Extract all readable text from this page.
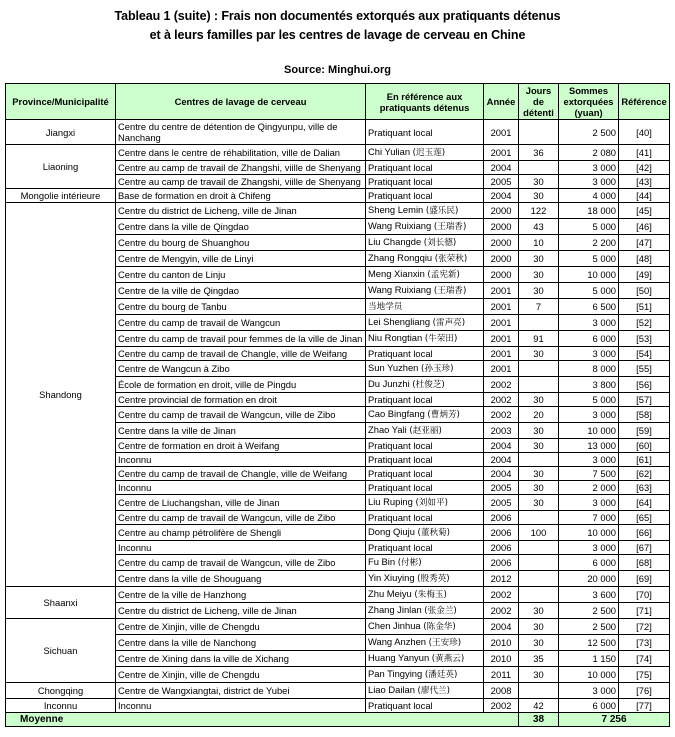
Tableau 1 (suite) : Frais non documentés extorqués aux pratiquants détenus
et à leurs familles par les centres de lavage de cerveau en Chine
Source: Minghui.org
Province/Municipalité	Centres de lavage de cerveau	En référence aux pratiquants détenus	Année	Jours de détenti	Sommes extorquées (yuan)	Référence
Jiangxi	Centre du centre de détention de Qingyunpu, ville de Nanchang	Pratiquant local	2001		2 500	[40]
Liaoning	Centre dans le centre de réhabilitation, ville de Dalian	Chi Yulian (迟玉莲)	2001	36	2 080	[41]
	Centre au camp de travail de Zhangshi, viille de Shenyang	Pratiquant local	2004		3 000	[42]
	Centre au camp de travail de Zhangshi, viille de Shenyang	Pratiquant local	2005	30	3 000	[43]
Mongolie intérieure	Base de formation en droit à Chifeng	Pratiquant local	2004	30	4 000	[44]
Shandong	Centre du district de Licheng, ville de Jinan	Sheng Lemin (盛乐民)	2000	122	18 000	[45]
	Centre dans la ville de Qingdao	Wang Ruixiang (王瑞香)	2000	43	5 000	[46]
	Centre du bourg de Shuanghou	Liu Changde (刘长德)	2000	10	2 200	[47]
	Centre de Mengyin, ville de Linyi	Zhang Rongqiu (张荣秋)	2000	30	5 000	[48]
	Centre du canton de Linju	Meng Xianxin (孟宪新)	2000	30	10 000	[49]
	Centre de la ville de Qingdao	Wang Ruixiang (王瑞香)	2001	30	5 000	[50]
	Centre du bourg de Tanbu	当地学员	2001	7	6 500	[51]
	Centre du camp de travail de Wangcun	Lei Shengliang (雷声亮)	2001		3 000	[52]
	Centre du camp de travail pour femmes de la ville de Jinan	Niu Rongtian (牛荣田)	2001	91	6 000	[53]
	Centre du camp de travail de Changle, ville de Weifang	Pratiquant local	2001	30	3 000	[54]
	Centre de Wangcun à Zibo	Sun Yuzhen (孙玉珍)	2001		8 000	[55]
	École de formation en droit, ville de Pingdu	Du Junzhi (杜俊芝)	2002		3 800	[56]
	Centre provincial de formation en droit	Pratiquant local	2002	30	5 000	[57]
	Centre du camp de travail de Wangcun, ville de Zibo	Cao Bingfang (曹炳芳)	2002	20	3 000	[58]
	Centre dans la ville de Jinan	Zhao Yali (赵亚丽)	2003	30	10 000	[59]
	Centre de formation en droit à Weifang	Pratiquant local	2004	30	13 000	[60]
	Inconnu	Pratiquant local	2004		3 000	[61]
	Centre du camp de travail de Changle, ville de Weifang	Pratiquant local	2004	30	7 500	[62]
	Inconnu	Pratiquant local	2005	30	2 000	[63]
	Centre de Liuchangshan, ville de Jinan	Liu Ruping (刘如平)	2005	30	3 000	[64]
	Centre du camp de travail de Wangcun, ville de Zibo	Pratiquant local	2006		7 000	[65]
	Centre au champ pétrolifère de Shengli	Dong Qiuju (董秋菊)	2006	100	10 000	[66]
	Inconnu	Pratiquant local	2006		3 000	[67]
	Centre du camp de travail de Wangcun, ville de Zibo	Fu Bin (付彬)	2006		6 000	[68]
	Centre dans la ville de Shouguang	Yin Xiuying (殷秀英)	2012		20 000	[69]
Shaanxi	Centre de la ville de Hanzhong	Zhu Meiyu (朱梅玉)	2002		3 600	[70]
	Centre du district de Licheng, ville de Jinan	Zhang Jinlan (张金兰)	2002	30	2 500	[71]
Sichuan	Centre de Xinjin, ville de Chengdu	Chen Jinhua (陈金华)	2004	30	2 500	[72]
	Centre dans la ville de Nanchong	Wang Anzhen (王安珍)	2010	30	12 500	[73]
	Centre de Xining dans la ville de Xichang	Huang Yanyun (黄燕云)	2010	35	1 150	[74]
	Centre de Xinjin, ville de Chengdu	Pan Tingying (潘廷英)	2011	30	10 000	[75]
Chongqing	Centre de Wangxiangtai, district de Yubei	Liao Dailan (廖代兰)	2008		3 000	[76]
Inconnu	Inconnu	Pratiquant local	2002	42	6 000	[77]
Moyenne				38	7 256	
